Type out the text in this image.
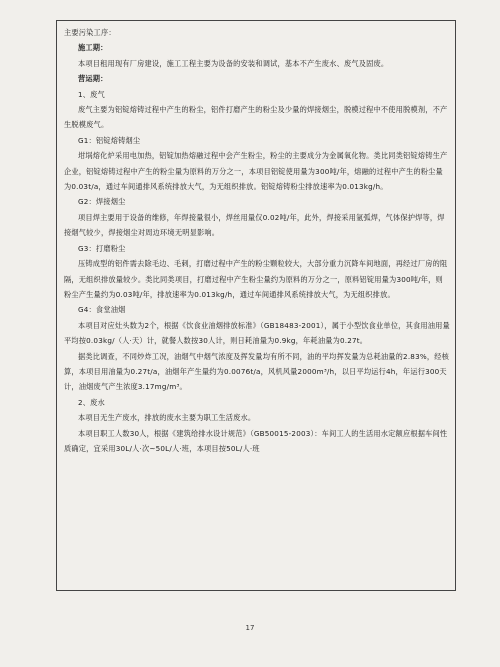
主要污染工序：

施工期：

本项目租用现有厂房建设，施工工程主要为设备的安装和调试，基本不产生废水、废气及固废。

营运期：

1、废气

废气主要为铝锭熔铸过程中产生的粉尘，铝件打磨产生的粉尘及少量的焊接烟尘，脱模过程中不使用脱模剂，不产生脱模废气。

G1：铝锭熔铸烟尘

坩埚熔化炉采用电加热，铝锭加热熔融过程中会产生粉尘，粉尘的主要成分为金属氧化物。类比同类铝锭熔铸生产企业，铝锭熔铸过程中产生的粉尘量为原料的万分之一，本项目铝锭使用量为300吨/年，熔融的过程中产生的粉尘量为0.03t/a，通过车间通排风系统排放大气，为无组织排放。铝锭熔铸粉尘排放速率为0.013kg/h。

G2：焊接烟尘

项目焊主要用于设备的维修，年焊接量很小，焊丝用量仅0.02吨/年，此外，焊接采用氩弧焊，气体保护焊等，焊接烟气较少，焊接烟尘对周边环境无明显影响。

G3：打磨粉尘

压铸成型的铝件需去除毛边、毛刺，打磨过程中产生的粉尘颗粒较大，大部分重力沉降车间地面，再经过厂房的阻隔，无组织排放量较少。类比同类项目，打磨过程中产生粉尘量约为原料的万分之一，原料铝锭用量为300吨/年，则粉尘产生量约为0.03吨/年，排放速率为0.013kg/h，通过车间通排风系统排放大气，为无组织排放。

G4：食堂油烟

本项目对应灶头数为2个，根据《饮食业油烟排放标准》（GB18483-2001），属于小型饮食业单位，其食用油用量平均按0.03kg/（人·天）计，就餐人数按30人计，则日耗油量为0.9kg，年耗油量为0.27t。

据类比调查，不同炒炸工况，油烟气中烟气浓度及挥发量均有所不同，油的平均挥发量为总耗油量的2.83%，经核算，本项目用油量为0.27t/a，油烟年产生量约为0.0076t/a，风机风量2000m³/h，以日平均运行4h，年运行300天计，油烟废气产生浓度3.17mg/m³。

2、废水

本项目无生产废水，排放的废水主要为职工生活废水。

本项目职工人数30人，根据《建筑给排水设计规范》（GB50015-2003）：车间工人的生活用水定额应根据车间性质确定，宜采用30L/人·次~50L/人·班，本项目按50L/人·班

17
